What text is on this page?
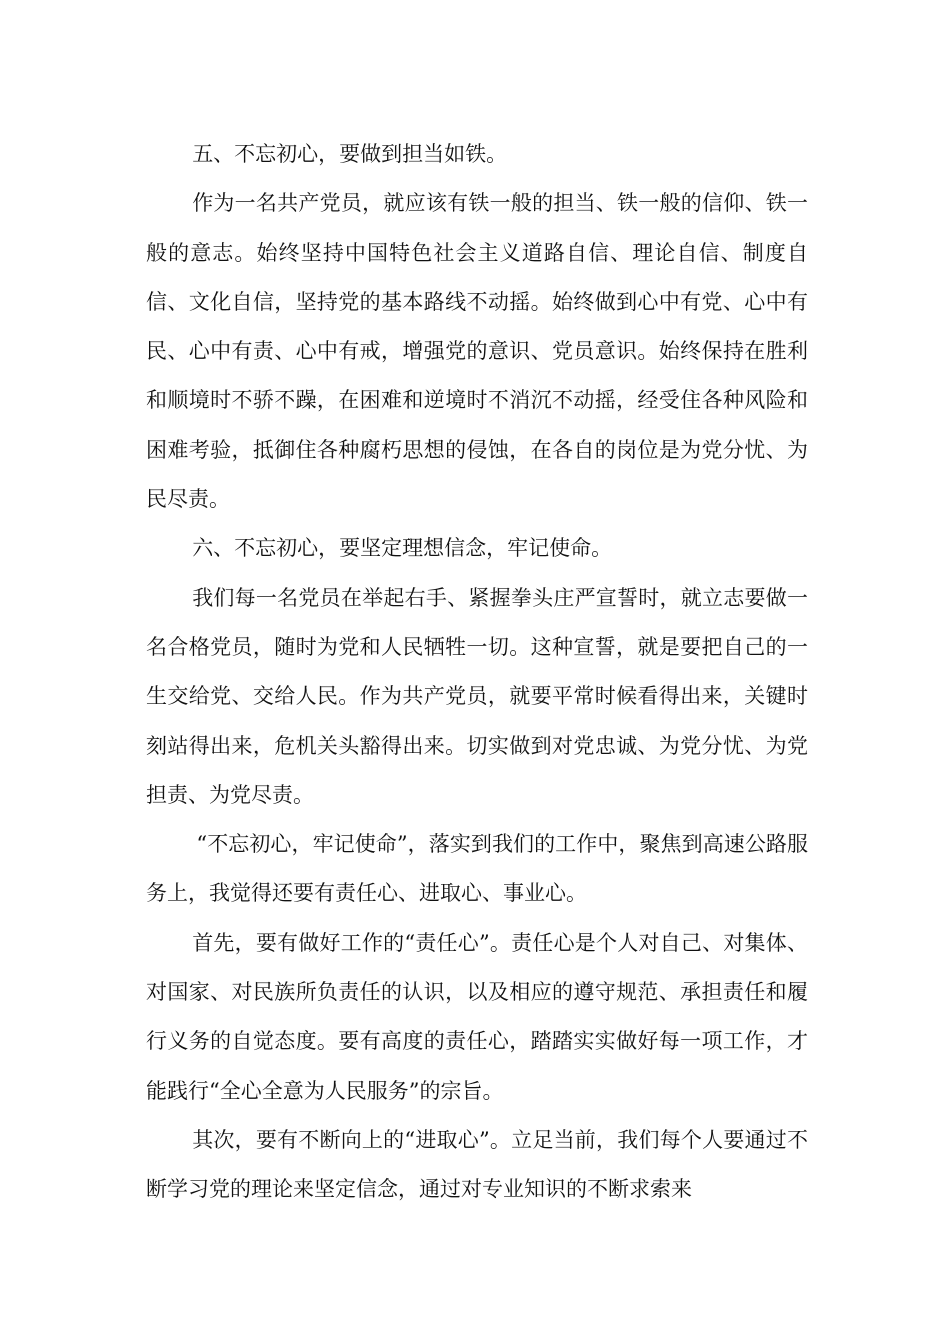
五、不忘初心，要做到担当如铁。

作为一名共产党员，就应该有铁一般的担当、铁一般的信仰、铁一般的意志。始终坚持中国特色社会主义道路自信、理论自信、制度自信、文化自信，坚持党的基本路线不动摇。始终做到心中有党、心中有民、心中有责、心中有戒，增强党的意识、党员意识。始终保持在胜利和顺境时不骄不躁，在困难和逆境时不消沉不动摇，经受住各种风险和困难考验，抵御住各种腐朽思想的侵蚀，在各自的岗位是为党分忧、为民尽责。

六、不忘初心，要坚定理想信念，牢记使命。

我们每一名党员在举起右手、紧握拳头庄严宣誓时，就立志要做一名合格党员，随时为党和人民牺牲一切。这种宣誓，就是要把自己的一生交给党、交给人民。作为共产党员，就要平常时候看得出来，关键时刻站得出来，危机关头豁得出来。切实做到对党忠诚、为党分忧、为党担责、为党尽责。

“不忘初心，牢记使命”，落实到我们的工作中，聚焦到高速公路服务上，我觉得还要有责任心、进取心、事业心。

首先，要有做好工作的“责任心”。责任心是个人对自己、对集体、对国家、对民族所负责任的认识，以及相应的遵守规范、承担责任和履行义务的自觉态度。要有高度的责任心，踏踏实实做好每一项工作，才能践行“全心全意为人民服务”的宗旨。

其次，要有不断向上的“进取心”。立足当前，我们每个人要通过不断学习党的理论来坚定信念，通过对专业知识的不断求索来
